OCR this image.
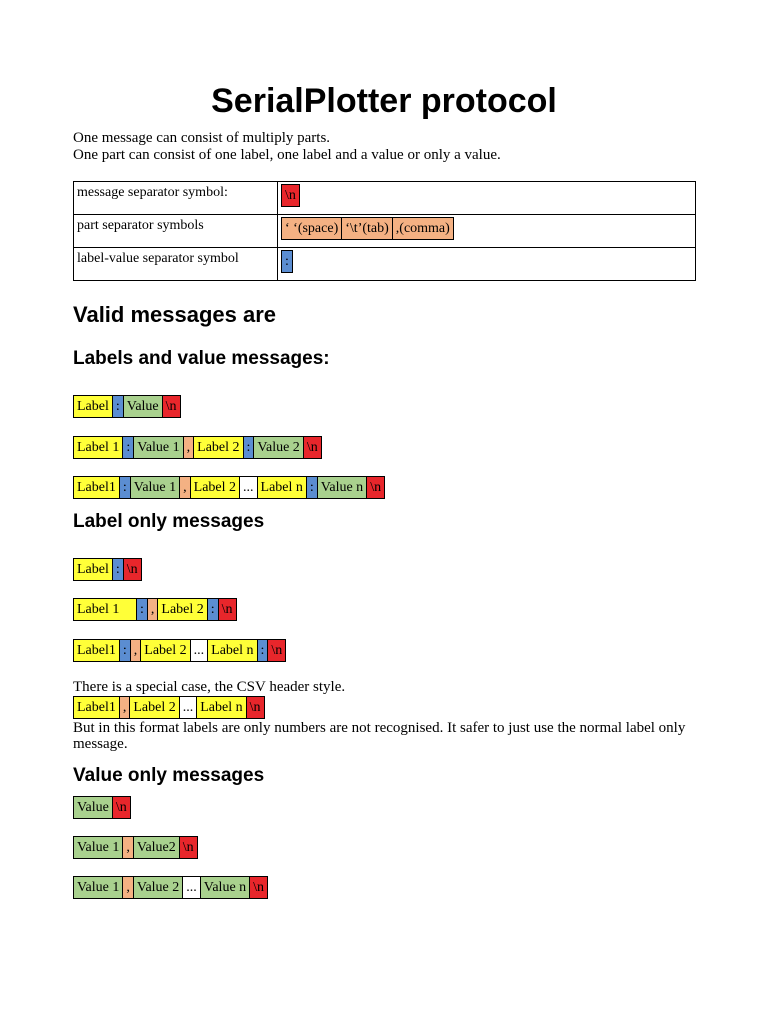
SerialPlotter protocol
One message can consist of multiply parts.
One part can consist of one label, one label and a value or only a value.
message separator symbol:	\n

part separator symbols	‘ ‘(space) ‘\t’(tab) ,(comma)

label-value separator symbol	:
Valid messages are
Labels and value messages:
Label : Value \n
Label 1 : Value 1 , Label 2 : Value 2 \n
Label1 : Value 1 , Label 2 ... Label n : Value n \n
Label only messages
Label : \n
Label 1	: , Label 2 : \n
Label1 : , Label 2 ... Label n : \n
There is a special case, the CSV header style.
Label1 , Label 2 ... Label n \n
But in this format labels are only numbers are not recognised. It safer to just use the normal label only message.
Value only messages
Value \n
Value 1 , Value2 \n
Value 1 , Value 2 ... Value n \n
